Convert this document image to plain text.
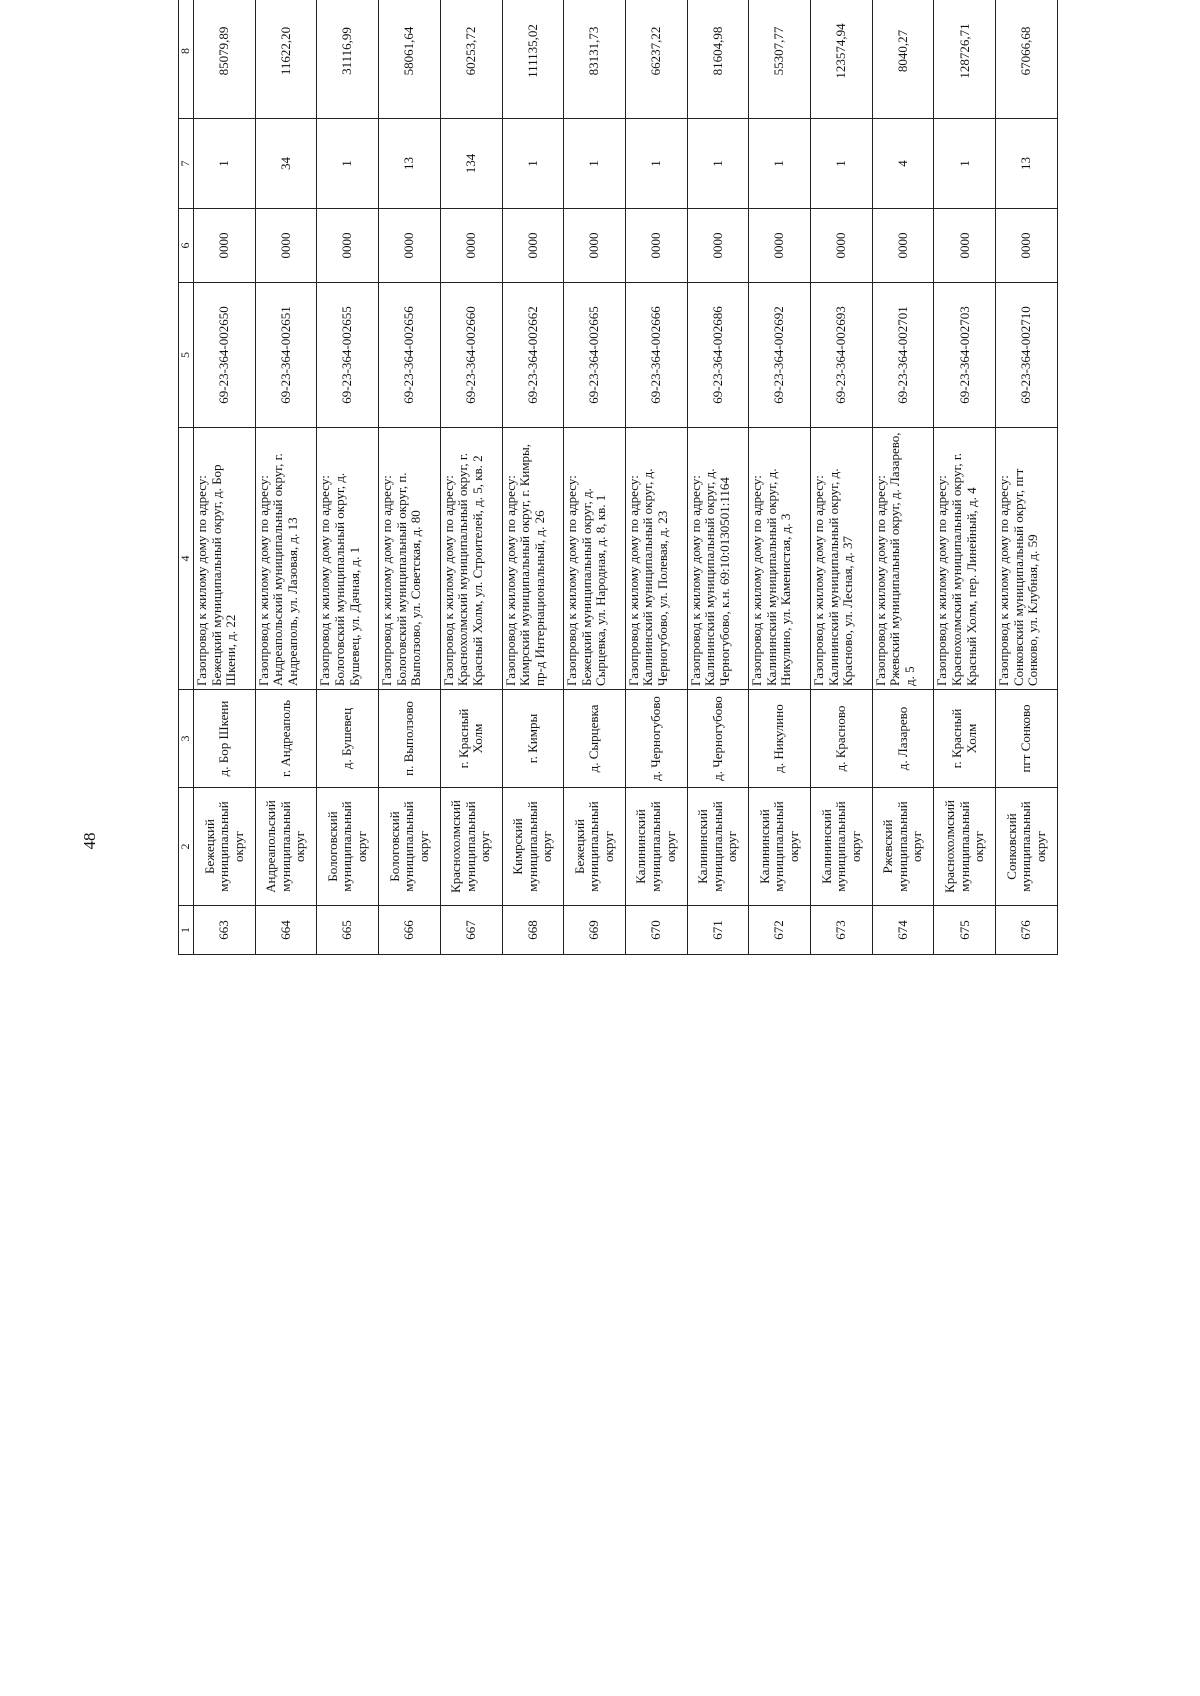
48
1	2	3	4	5	6	7	8					
663	Бежецкий муниципальный округ	д. Бор Шкени	Газопровод к жилому дому по адресу: Бежецкий муниципальный округ, д. Бор Шкени, д. 22	69-23-364-002650	0000	1	85079,89					
664	Андреапольский муниципальный округ	г. Андреаполь	Газопровод к жилому дому по адресу: Андреапольский муниципальный округ, г. Андреаполь, ул. Лазовая, д. 13	69-23-364-002651	0000	34	11622,20					
665	Бологовский муниципальный округ	д. Бушевец	Газопровод к жилому дому по адресу: Бологовский муниципальный округ, д. Бушевец, ул. Дачная, д. 1	69-23-364-002655	0000	1	31116,99					
666	Бологовский муниципальный округ	п. Выползово	Газопровод к жилому дому по адресу: Бологовский муниципальный округ, п. Выползово, ул. Советская, д. 80	69-23-364-002656	0000	13	58061,64					
667	Краснохолмский муниципальный округ	г. Красный Холм	Газопровод к жилому дому по адресу: Краснохолмский муниципальный округ, г. Красный Холм, ул. Строителей, д. 5, кв. 2	69-23-364-002660	0000	134	60253,72					
668	Кимрский муниципальный округ	г. Кимры	Газопровод к жилому дому по адресу: Кимрский муниципальный округ, г. Кимры, пр-д Интернациональный, д. 26	69-23-364-002662	0000	1	111135,02					
669	Бежецкий муниципальный округ	д. Сырцевка	Газопровод к жилому дому по адресу: Бежецкий муниципальный округ, д. Сырцевка, ул. Народная, д. 8, кв. 1	69-23-364-002665	0000	1	83131,73					
670	Калининский муниципальный округ	д. Черногубово	Газопровод к жилому дому по адресу: Калининский муниципальный округ, д. Черногубово, ул. Полевая, д. 23	69-23-364-002666	0000	1	66237,22					
671	Калининский муниципальный округ	д. Черногубово	Газопровод к жилому дому по адресу: Калининский муниципальный округ, д. Черногубово, к.н. 69:10:0130501:1164	69-23-364-002686	0000	1	81604,98					
672	Калининский муниципальный округ	д. Никулино	Газопровод к жилому дому по адресу: Калининский муниципальный округ, д. Никулино, ул. Каменистая, д. 3	69-23-364-002692	0000	1	55307,77					
673	Калининский муниципальный округ	д. Красново	Газопровод к жилому дому по адресу: Калининский муниципальный округ, д. Красново, ул. Лесная, д. 37	69-23-364-002693	0000	1	123574,94					
674	Ржевский муниципальный округ	д. Лазарево	Газопровод к жилому дому по адресу: Ржевский муниципальный округ, д. Лазарево, д. 5	69-23-364-002701	0000	4	8040,27					
675	Краснохолмский муниципальный округ	г. Красный Холм	Газопровод к жилому дому по адресу: Краснохолмский муниципальный округ, г. Красный Холм, пер. Линейный, д. 4	69-23-364-002703	0000	1	128726,71					
676	Сонковский муниципальный округ	пгт Сонково	Газопровод к жилому дому по адресу: Сонковский муниципальный округ, пгт Сонково, ул. Клубная, д. 59	69-23-364-002710	0000	13	67066,68					
